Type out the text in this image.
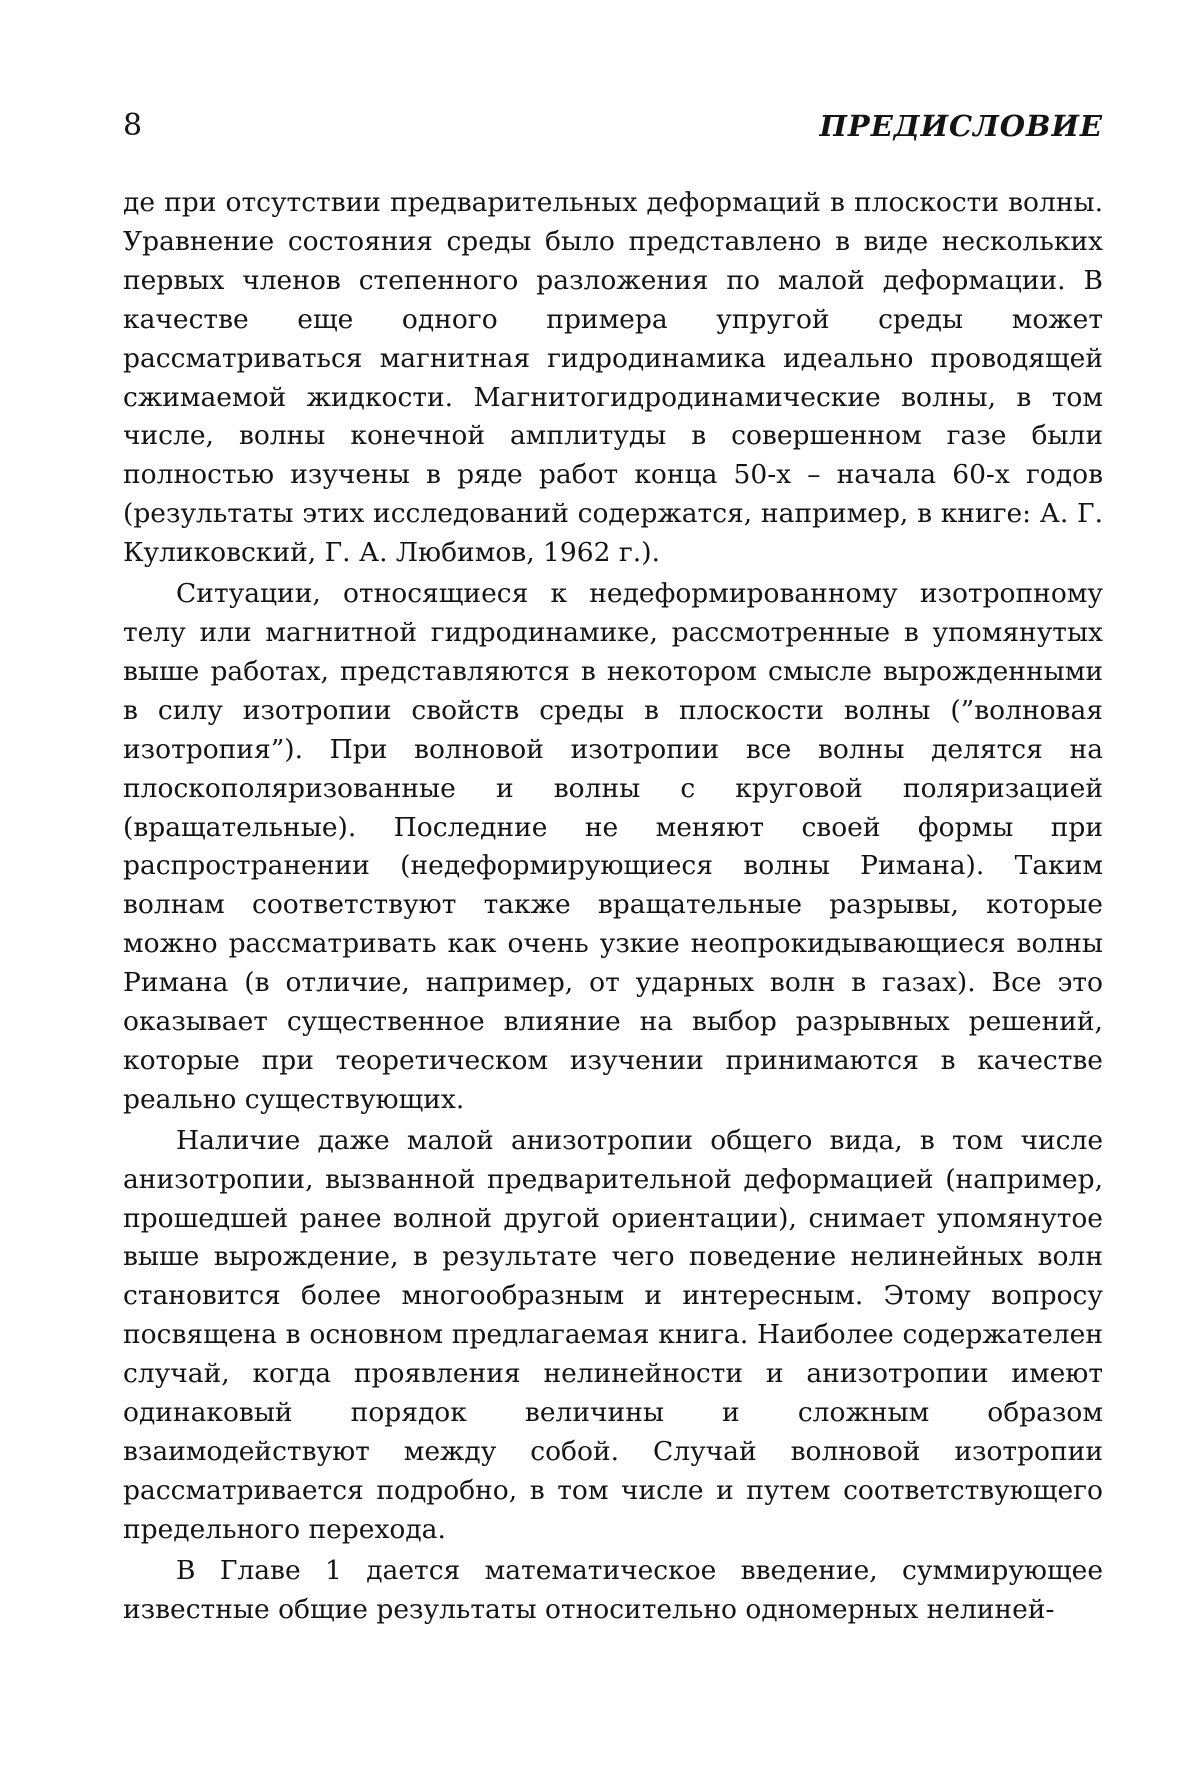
8	ПРЕДИСЛОВИЕ

де при отсутствии предварительных деформаций в плоскости волны. Уравнение состояния среды было представлено в виде нескольких первых членов степенного разложения по малой деформации. В качестве еще одного примера упругой среды может рассматриваться магнитная гидродинамика идеально проводящей сжимаемой жидкости. Магнитогидродинамические волны, в том числе, волны конечной амплитуды в совершенном газе были полностью изучены в ряде работ конца 50-х – начала 60-х годов (результаты этих исследований содержатся, например, в книге: А. Г. Куликовский, Г. А. Любимов, 1962 г.).

Ситуации, относящиеся к недеформированному изотропному телу или магнитной гидродинамике, рассмотренные в упомянутых выше работах, представляются в некотором смысле вырожденными в силу изотропии свойств среды в плоскости волны (”волновая изотропия”). При волновой изотропии все волны делятся на плоскополяризованные и волны с круговой поляризацией (вращательные). Последние не меняют своей формы при распространении (недеформирующиеся волны Римана). Таким волнам соответствуют также вращательные разрывы, которые можно рассматривать как очень узкие неопрокидывающиеся волны Римана (в отличие, например, от ударных волн в газах). Все это оказывает существенное влияние на выбор разрывных решений, которые при теоретическом изучении принимаются в качестве реально существующих.

Наличие даже малой анизотропии общего вида, в том числе анизотропии, вызванной предварительной деформацией (например, прошедшей ранее волной другой ориентации), снимает упомянутое выше вырождение, в результате чего поведение нелинейных волн становится более многообразным и интересным. Этому вопросу посвящена в основном предлагаемая книга. Наиболее содержателен случай, когда проявления нелинейности и анизотропии имеют одинаковый порядок величины и сложным образом взаимодействуют между собой. Случай волновой изотропии рассматривается подробно, в том числе и путем соответствующего предельного перехода.

В Главе 1 дается математическое введение, суммирующее известные общие результаты относительно одномерных нелиней-
